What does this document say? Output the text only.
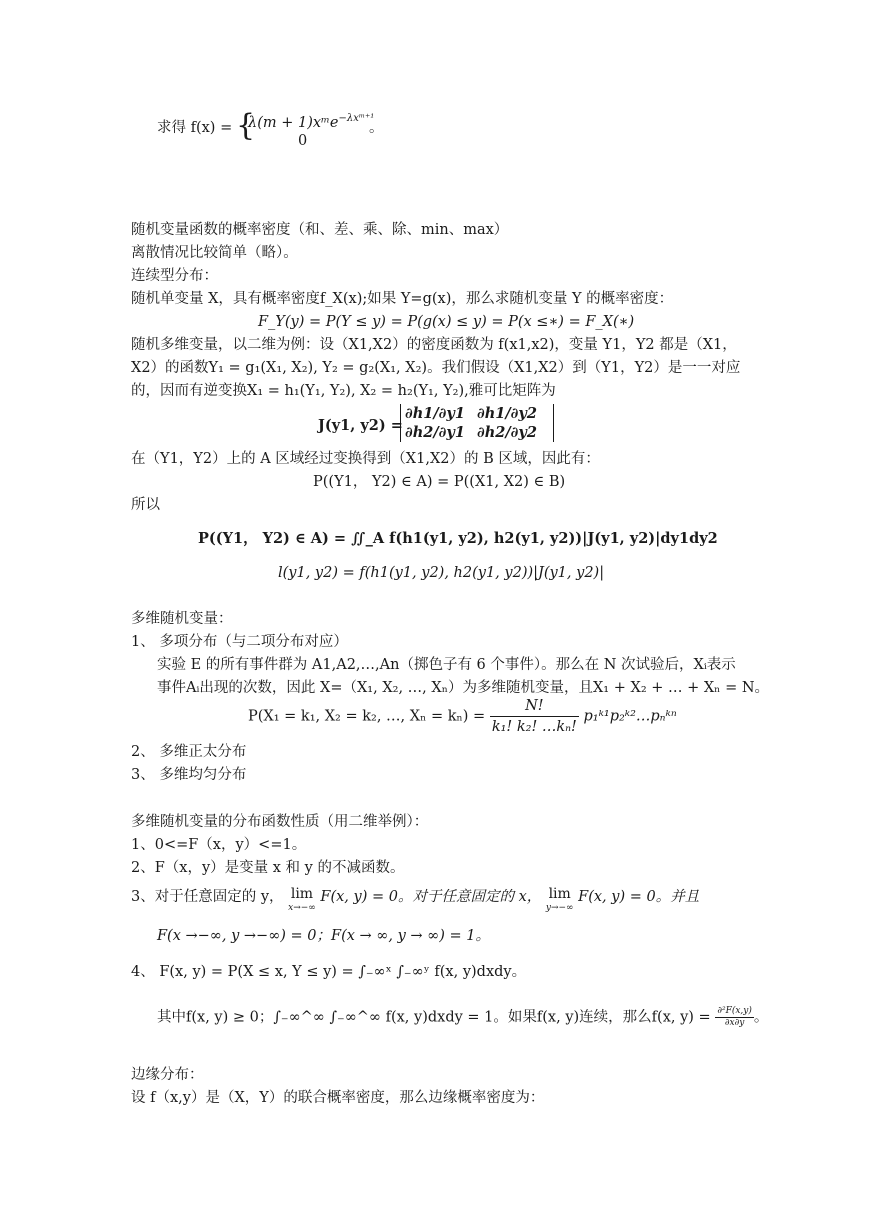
求得 f(x) = {
λ(m + 1)xᵐe$^{-\lambda xᵐ^{+1}}$
0
。
随机变量函数的概率密度（和、差、乘、除、min、max）
离散情况比较简单（略）。
连续型分布：
随机单变量 X，具有概率密度f_X(x);如果 Y=g(x)，那么求随机变量 Y 的概率密度：
F_Y(y) = P(Y ≤ y) = P(g(x) ≤ y) = P(x ≤∗) = F_X(∗)
随机多维变量，以二维为例：设（X1,X2）的密度函数为 f(x1,x2)，变量 Y1，Y2 都是（X1，
X2）的函数Y₁ = g₁(X₁, X₂), Y₂ = g₂(X₁, X₂)。我们假设（X1,X2）到（Y1，Y2）是一一对应
的，因而有逆变换X₁ = h₁(Y₁, Y₂), X₂ = h₂(Y₁, Y₂),雅可比矩阵为
J(y1, y2) =
∂h1/∂y1 ∂h1/∂y2
∂h2/∂y1 ∂h2/∂y2
在（Y1，Y2）上的 A 区域经过变换得到（X1,X2）的 B 区域，因此有：
P((Y1， Y2) ∈ A) = P((X1, X2) ∈ B)
所以
P((Y1， Y2) ∈ A) = ∬_A f(h1(y1, y2), h2(y1, y2))|J(y1, y2)|dy1dy2
l(y1, y2) = f(h1(y1, y2), h2(y1, y2))|J(y1, y2)|
多维随机变量：
1、 多项分布（与二项分布对应）
实验 E 的所有事件群为 A1,A2,…,An（掷色子有 6 个事件）。那么在 N 次试验后，Xᵢ表示
事件Aᵢ出现的次数，因此 X=（X₁, X₂, …, Xₙ）为多维随机变量，且X₁ + X₂ + … + Xₙ = N。
P(X₁ = k₁, X₂ = k₂, …, $X_n = k_n) = \frac{N!}{\text{k₁! k₂! …kₙ!}}$ p₁ᵏ¹p₂ᵏ²…pₙᵏⁿ
2、 多维正太分布
3、 多维均匀分布
多维随机变量的分布函数性质（用二维举例）：
1、0<=F（x，y）<=1。
2、F（x，y）是变量 x 和 y 的不减函数。
3、对于任意固定的 y， lim
x→−∞
F(x, y) = 0。对于任意固定的 x， lim
y→−∞
F(x, y) = 0。并且
F(x →−∞, y →−∞) = 0；F(x → ∞, y → ∞) = 1。
4、 F(x, y) = P(X ≤ x, Y ≤ y) = ∫₋∞ˣ ∫₋∞ʸ f(x, y)dxdy。
其中f(x, y) ≥ 0；∫₋∞^∞ ∫₋∞^∞ f(x, y)dxdy = 1。如果f(x, y)连续，那么f(x, $y) = \frac{\text{∂²F(x,y)}}{\partial x\partial y}$ 。
边缘分布：
设 f（x,y）是（X，Y）的联合概率密度，那么边缘概率密度为：
